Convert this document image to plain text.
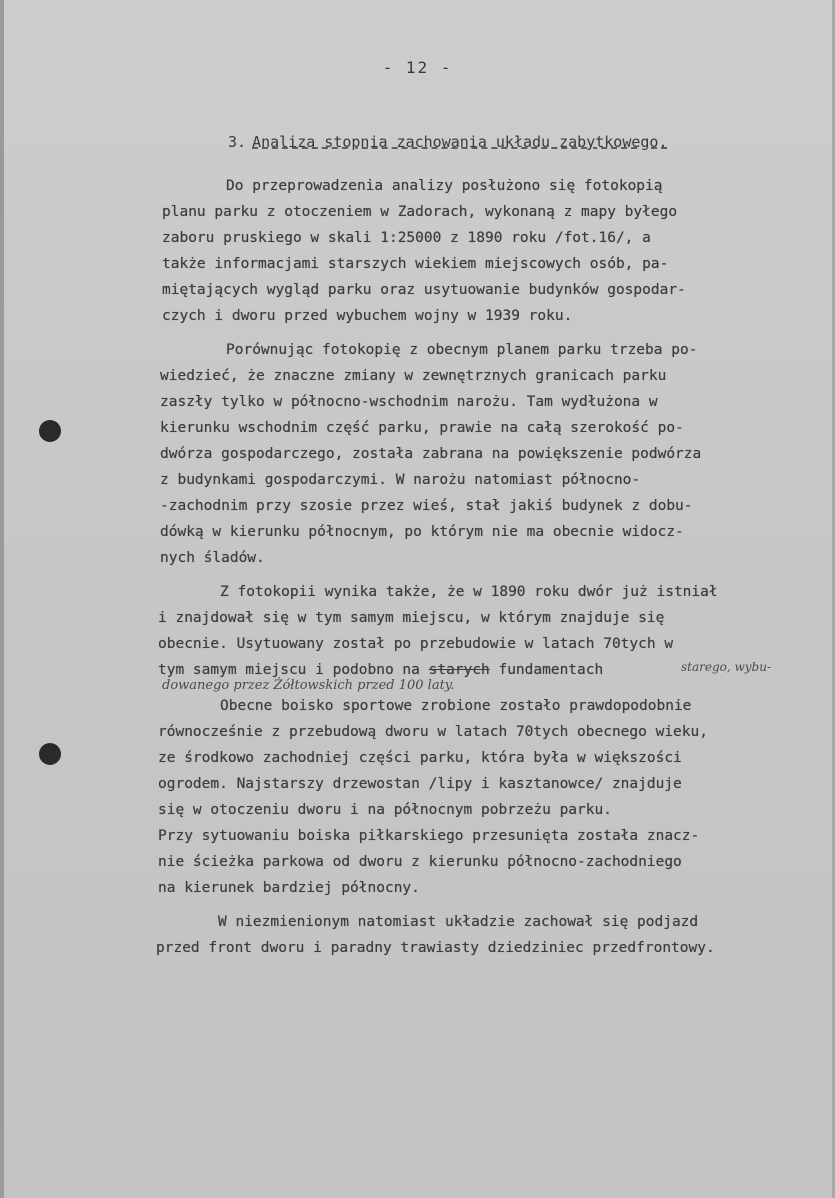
- 12 -
3. Analiza stopnia zachowania układu zabytkowego.
Do przeprowadzenia analizy posłużono się fotokopią
planu parku z otoczeniem w Zadorach, wykonaną z mapy byłego
zaboru pruskiego w skali 1:25000 z 1890 roku /fot.16/, a
także informacjami starszych wiekiem miejscowych osób, pa-
miętających wygląd parku oraz usytuowanie budynków gospodar-
czych i dworu przed wybuchem wojny w 1939 roku.
Porównując fotokopię z obecnym planem parku trzeba po-
wiedzieć, że znaczne zmiany w zewnętrznych granicach parku
zaszły tylko w północno-wschodnim narożu. Tam wydłużona w
kierunku wschodnim część parku, prawie na całą szerokość po-
dwórza gospodarczego, została zabrana na powiększenie podwórza
z budynkami gospodarczymi. W narożu natomiast północno-
-zachodnim przy szosie przez wieś, stał jakiś budynek z dobu-
dówką w kierunku północnym, po którym nie ma obecnie widocz-
nych śladów.
Z fotokopii wynika także, że w 1890 roku dwór już istniał
i znajdował się w tym samym miejscu, w którym znajduje się
obecnie. Usytuowany został po przebudowie w latach 70tych w
tym samym miejscu i podobno na starych fundamentach	starego, wybu-
dowanego przez Żółtowskich przed 100 laty.
Obecne boisko sportowe zrobione zostało prawdopodobnie
równocześnie z przebudową dworu w latach 70tych obecnego wieku,
ze środkowo zachodniej części parku, która była w większości
ogrodem. Najstarszy drzewostan /lipy i kasztanowce/ znajduje
się w otoczeniu dworu i na północnym pobrzeżu parku.
Przy sytuowaniu boiska piłkarskiego przesunięta została znacz-
nie ścieżka parkowa od dworu z kierunku północno-zachodniego
na kierunek bardziej północny.
W niezmienionym natomiast układzie zachował się podjazd
przed front dworu i paradny trawiasty dziedziniec przedfrontowy.
